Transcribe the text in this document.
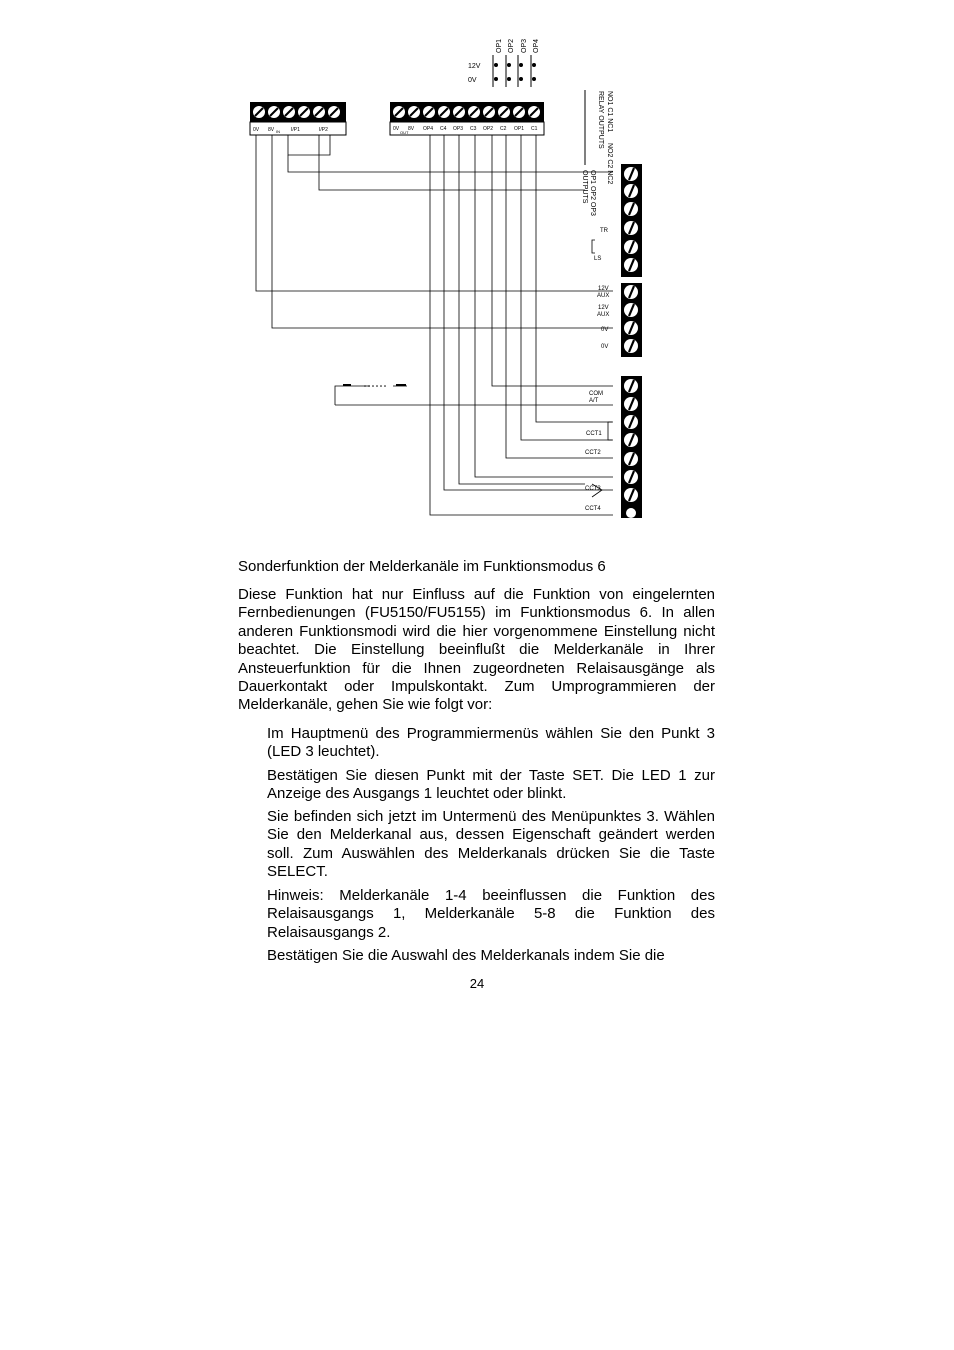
OP1 OP2 OP3 OP4
12V
0V
0V 8V IN I/P1	I/P2	0V 8V
OUT
OP4 C4 OP3 C3 OP2 C2 OP1 C1	NO1 C1 NC1
RELAY OUTPUTS
NO2 C2 NC2
OP1 OP2 OP3
OUTPUTS
TR
LS
12V
AUX
12V
AUX
0V
0V
COM
A/T
CCT1
CCT2
CCT3
CCT4
Sonderfunktion der Melderkanäle im Funktionsmodus 6
Diese Funktion hat nur Einfluss auf die Funktion von eingelernten Fernbedienungen (FU5150/FU5155) im Funktionsmodus 6. In allen anderen Funktionsmodi wird die hier vorgenommene Einstellung nicht beachtet. Die Einstellung beeinflußt die Melderkanäle in Ihrer Ansteuerfunktion für die Ihnen zugeordneten Relaisausgänge als Dauerkontakt oder Impulskontakt. Zum Umprogrammieren der Melderkanäle, gehen Sie wie folgt vor:
Im Hauptmenü des Programmiermenüs wählen Sie den Punkt 3 (LED 3 leuchtet).
Bestätigen Sie diesen Punkt mit der Taste SET. Die LED 1 zur Anzeige des Ausgangs 1 leuchtet oder blinkt.
Sie befinden sich jetzt im Untermenü des Menüpunktes 3. Wählen Sie den Melderkanal aus, dessen Eigenschaft geändert werden soll. Zum Auswählen des Melderkanals drücken Sie die Taste SELECT.
Hinweis: Melderkanäle 1-4 beeinflussen die Funktion des Relaisausgangs 1, Melderkanäle 5-8 die Funktion des Relaisausgangs 2.
Bestätigen Sie die Auswahl des Melderkanals indem Sie die
24
